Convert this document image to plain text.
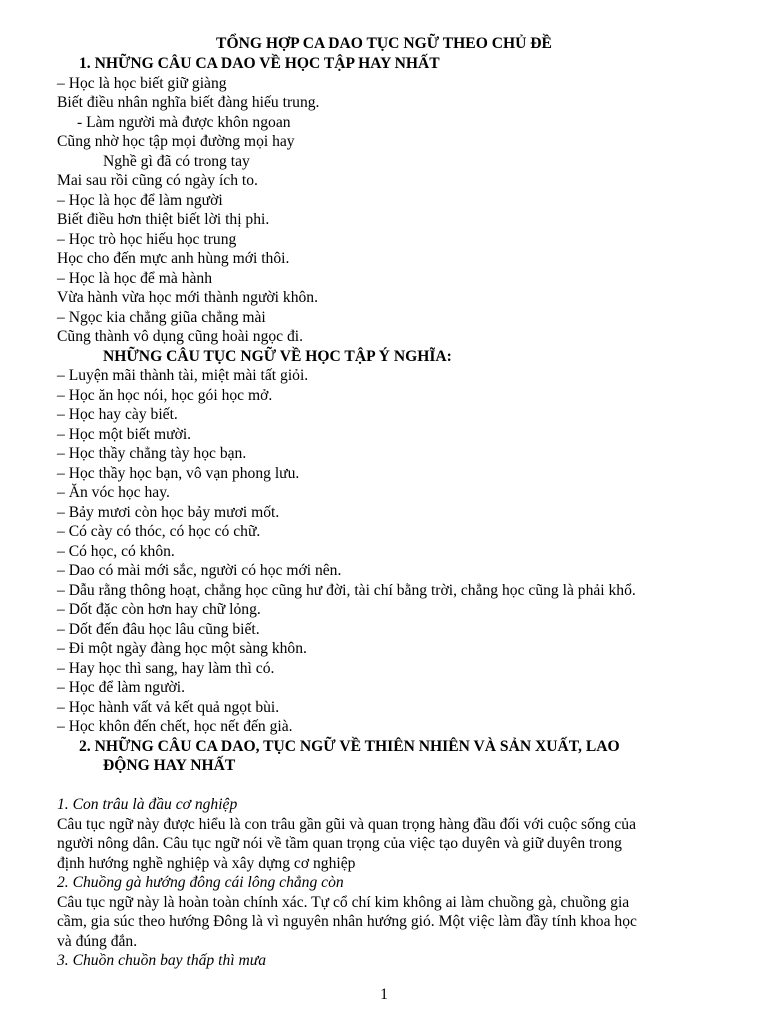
TỔNG HỢP CA DAO TỤC NGỮ THEO CHỦ ĐỀ
1. NHỮNG CÂU CA DAO VỀ HỌC TẬP HAY NHẤT
– Học là học biết giữ giàng
Biết điều nhân nghĩa biết đàng hiếu trung.
- Làm người mà được khôn ngoan
Cũng nhờ học tập mọi đường mọi hay
Nghề gì đã có trong tay
Mai sau rồi cũng có ngày ích to.
– Học là học để làm người
Biết điều hơn thiệt biết lời thị phi.
– Học trò học hiếu học trung
Học cho đến mực anh hùng mới thôi.
– Học là học để mà hành
Vừa hành vừa học mới thành người khôn.
– Ngọc kia chẳng giũa chẳng mài
Cũng thành vô dụng cũng hoài ngọc đi.
NHỮNG CÂU TỤC NGỮ VỀ HỌC TẬP Ý NGHĨA:
– Luyện mãi thành tài, miệt mài tất giỏi.
– Học ăn học nói, học gói học mở.
– Học hay cày biết.
– Học một biết mười.
– Học thầy chẳng tày học bạn.
– Học thầy học bạn, vô vạn phong lưu.
– Ăn vóc học hay.
– Bảy mươi còn học bảy mươi mốt.
– Có cày có thóc, có học có chữ.
– Có học, có khôn.
– Dao có mài mới sắc, người có học mới nên.
– Dẫu rằng thông hoạt, chẳng học cũng hư đời, tài chí bằng trời, chẳng học cũng là phải khổ.
– Dốt đặc còn hơn hay chữ lỏng.
– Dốt đến đâu học lâu cũng biết.
– Đi một ngày đàng học một sàng khôn.
– Hay học thì sang, hay làm thì có.
– Học để làm người.
– Học hành vất vả kết quả ngọt bùi.
– Học khôn đến chết, học nết đến già.
2. NHỮNG CÂU CA DAO, TỤC NGỮ VỀ THIÊN NHIÊN VÀ SẢN XUẤT, LAO
ĐỘNG HAY NHẤT
1. Con trâu là đầu cơ nghiệp
Câu tục ngữ này được hiểu là con trâu gần gũi và quan trọng hàng đầu đối với cuộc sống của
người nông dân. Câu tục ngữ nói về tầm quan trọng của việc tạo duyên và giữ duyên trong
định hướng nghề nghiệp và xây dựng cơ nghiệp
2. Chuồng gà hướng đông cái lông chẳng còn
Câu tục ngữ này là hoàn toàn chính xác. Tự cổ chí kim không ai làm chuồng gà, chuồng gia
cầm, gia súc theo hướng Đông là vì nguyên nhân hướng gió. Một việc làm đầy tính khoa học
và đúng đắn.
3. Chuồn chuồn bay thấp thì mưa
1
